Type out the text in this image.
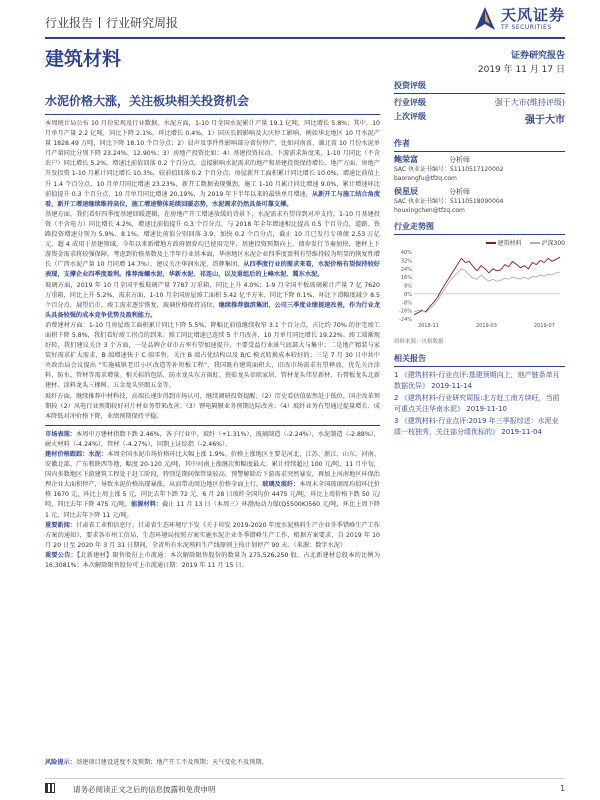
行业报告 行业研究周报	天风证券
TF SECURITIES
建筑材料	证券研究报告
2019 年 11 月 17 日
水泥价格大涨，关注板块相关投资机会

本周统计局公布 10 月份宏观及行业数据。水泥方面，1-10 月全国水泥累计产量 19.1 亿吨，同比增长 5.8%；其中，10 月单月产量 2.2 亿吨，同比下降 2.1%，环比增长 0.4%。1）国庆长假影响及大庆停工影响，例如华北地区 10 月水泥产量 1828.49 万吨，同比下降 18.10 个百分点；2）晨声及事件性影响部分省份停产，比如河南省、湖北省 10 月份水泥单月产量同比分别下降 23.24%、12.90%；3）房地产投资比如：4）基建投资拉动。下游需求角度来，1-10 月同比（不含农户）同比增长 5.2%，增速比前值回落 0.2 个百分点。直接影响水泥需求的地产和基建投资保持增长，地产方面，房地产开发投资 1-10 月累计同比增长 10.3%，较前值回落 0.2 个百分点；房屋新开工面积累计同比增长 10.0%，增速比前值上升 1.4 个百分点，10 月单月同比增速 23.23%，新开工数据表现强劲，施工 1-10 月累计同比增速 9.0%，累计增速环比前值提升 0.3 个百分点，10 月单月同比增速 20.19%，为 2019 年下半年以来的最快单月增速，从新开工与施工结合角度看，新开工增速继续维持高位，施工增速整体延续回暖态势，水泥需求仍然具备可靠支撑。

基建方面，我们看好四季度基建回暖逻辑，在房地产开工增速放缓的背景下，水泥需求有望得到对冲支持。1-10 月基建投资（不含电力）同比增长 4.2%，增速比前值提升 0.3 个百分点，与 2018 年全年增速相比提高 0.5 个百分点，道路、铁路投资增速分别为 5.9%、8.1%，增速比前值分别回落 3.9、加快 0.2 个百分点，截止 10 月已发行专项债 2.53 万亿元，超 4 成用于基建领域，今年以来新增地方政府债券均已使用完毕，基建投资预期向上，债券发行节奏加快，建材上下游资金需求将较强保障，考虑到价格基数及上半年行业基本面，华南地区水泥企业四季度盈利有望维持较为明显的恢复性增长（广西水泥产量 10 月同增 14.7%），建议关注华润水泥、塔牌集团。从四季度行业的需求来看，水泥价格有望保持较好表现，支撑企业四季度盈利。推荐海螺水泥、华新水泥、祁连山，以及重组后的上峰水泥、冀东水泥。

玻璃方面，2019 年 10 月全国平板玻璃产量 7787 万重箱，同比上升 4.0%；1-9 月全国平板玻璃累计产量 7 亿 7620 万重箱，同比上升 5.2%，需求方面，1-10 月全国房屋竣工面积 5.42 亿平方米，同比下降 0.1%，环比下滑幅度减少 8.5 个百分点，展望后市，竣工需求逐步恢复，玻璃价格保持高位，继续推荐旗滨集团，公司三季度业绩提速改善，作为行业龙头具备较强的成本竞争优势及盈利能力。

消费建材方面：1-10 月房屋竣工面积累计同比下降 5.5%，降幅比前值继续收窄 3.1 个百分点，占比约 70% 的住宅竣工面积下降 5.8%，我们看好竣工拐点的到来。竣工同比增速已连续 5 个月改善，10 月单月同比增长 19.22%。竣工端渐现好转，我们建议关注 3 个方面，一是品牌企业市占率有望加速提升，主要受益行业景气底部大与集中；二是地产精装与家装好需求扩大需求，B 端增速快于 C 端零售，关注 B 端占优结构以及 B/C 模式转换成本较好的；三是 7 月 30 日中共中央政治局会议提出 "实施城镇老旧小区改造等补短板工程"，我国既有建筑面积大，旧改市场需求有望释放，优先关注涂料、防水、管材等需求增量。相关标的包括，防水龙头东方雨虹、瓷砖龙头帝欧家居、管材龙头伟星新材、石膏板龙头北新建材、涂料龙头三棵树、五金龙头坚朗五金等。

玻纤方面，继续推荐中材科技，高端长递步得到市场认可，继续调研投资提醒；（2）历史看估值依然处于低位，国企改革预期较（2）风电行业预期较好对片材业务带来改善；（3）锂电隔膜业务预期边际改善；（4）玻纤业务有望通过提量增长、成本降低对冲价格下降，业绩预期保持平稳。

市场表现：本周中万建材指数下跌 2.46%，各子行业中，玻纤（+1.31%），玻璃制造（-2.24%），水泥制造（-2.88%），耐火材料（-4.24%），管材（-4.27%），同期上证综指（-2.46%）。

建材价格跟踪：水泥：本周全国水泥市场价格环比大幅上涨 1.9%。价格上涨地区主要是河北、江苏、浙江、山东、河南、安徽北部、广东和陕西等地，幅度 20-120 元/吨，其中河南上涨继次和幅度最大。累计持续超过 100 元/吨，11 月中旬，国内多数地区下游建筑工程处于赶工阶段，特别是期间保管量较高，预警解除后下游需求突然暴发，再加上河南地区环保治理企业大面积停产，导致水泥价格出现暴涨，从而带动周边地区价格全面上行。玻璃及玻纤：本周末全国玻璃周均值环比价格 1670 元，环比上周上涨 5 元，同比去年下跌 72 元。6 月 28 日玻纤全国均价 4475 元/吨，环比上周价格下跌 50 元/吨，同比去年下降 475 元/吨。能源材料：截止 11 月 13 日（本周三）环渤海动力煤(Q5500K)560 元/吨，环比上周下降 1 元，同比去年下降 11 元/吨。

重要新闻：甘肃省工业和信息厅、甘肃省生态环境厅下发《关于印发 2019-2020 年度水泥熟料生产企业冬季错峰生产工作方案的通知》，要求各市州工信局、生态环境局按照方案实施水泥企业冬季错峰生产工作，根据方案要求，自 2019 年 10 月 20 日至 2020 年 3 月 31 日期间，全省所有水泥熟料生产线原则上按计划停产 90 天。（来源：数字水泥）

重要公告：【北新建材】限售股份上市流通：本次解除限售股份的数量为 275,526,250 股，占北新建材总股本的比例为 16.3081%；本次解除限售股份可上市流通日期：2019 年 11 月 15 日。

风险提示：基建项目建设进度不及预期；地产开工不及预期；天气变化不及预期。
投资评级
行业评级	强于大市(维持评级)
上次评级	强于大市
作者
鲍荣富	分析师
SAC 执业证书编号：S1110517120002
baorongfu@tfzq.com
侯星辰	分析师
SAC 执业证书编号：S1110518090004
houxingchen@tfzq.com
行业走势图
建筑材料	沪深300
40%
32%
24%
16%
8%
0%
-8%
-16%
-24%
2018-11	2019-03	2019-07
资料来源：贝格数据
相关报告
1 《建筑材料-行业点评:基建预期向上，地产链条单月数据优异》 2019-11-14
2 《建筑材料-行业研究周报:北方赶工南方续旺，当前可重点关注华南水泥》 2019-11-10
3 《建筑材料-行业点评:2019 年三季报综述：水泥业绩一枝独秀，关注部分绩优标的》 2019-11-04
请务必阅读正文之后的信息披露和免责申明	1
